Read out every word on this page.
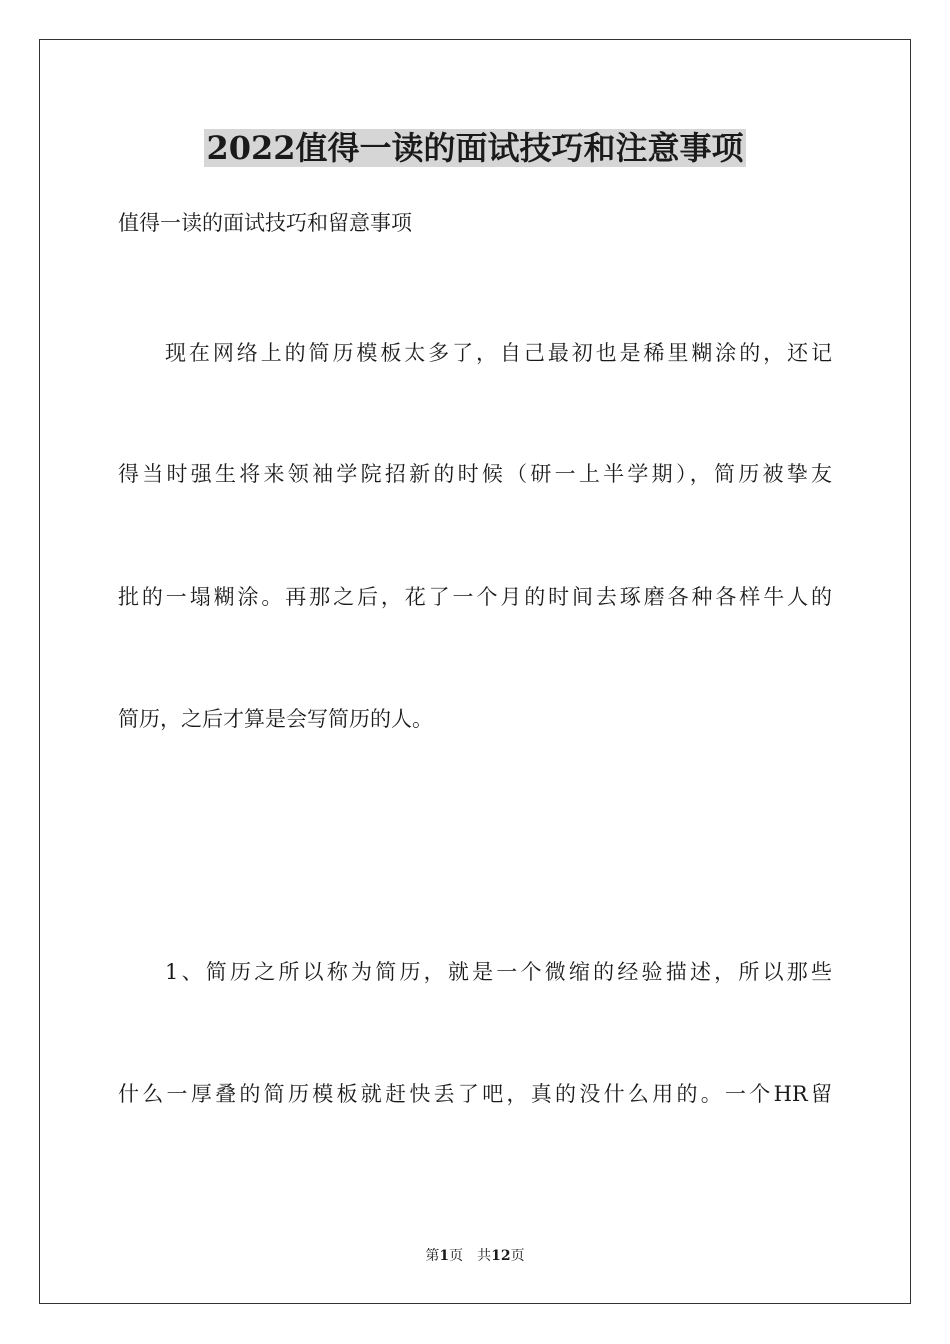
2022值得一读的面试技巧和注意事项

值得一读的面试技巧和留意事项

现在网络上的简历模板太多了，自己最初也是稀里糊涂的，还记

得当时强生将来领袖学院招新的时候（研一上半学期），简历被挚友

批的一塌糊涂。再那之后，花了一个月的时间去琢磨各种各样牛人的

简历，之后才算是会写简历的人。

1、简历之所以称为简历，就是一个微缩的经验描述，所以那些

什么一厚叠的简历模板就赶快丢了吧，真的没什么用的。一个HR留

第1页 共12页
